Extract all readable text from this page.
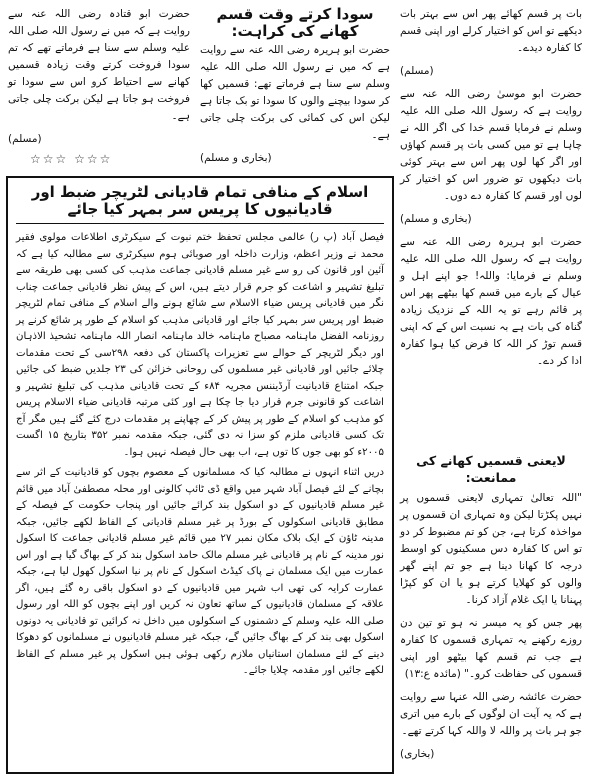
بات پر قسم کھائے پھر اس سے بہتر بات دیکھے تو اس کو اختیار کرلے اور اپنی قسم کا کفارہ دیدے۔

(مسلم)

حضرت ابو موسیٰ رضی اللہ عنہ سے روایت ہے کہ رسول اللہ صلی اللہ علیہ وسلم نے فرمایا قسم خدا کی اگر اللہ نے چاہا ہے تو میں کسی بات پر قسم کھاؤں اور اگر کھا لوں پھر اس سے بہتر کوئی بات دیکھوں تو ضرور اس کو اختیار کر لوں اور قسم کا کفارہ دے دوں۔

(بخاری و مسلم)

حضرت ابو ہریرہ رضی اللہ عنہ سے روایت ہے کہ رسول اللہ صلی اللہ علیہ وسلم نے فرمایا: واللہ! جو اپنے اہل و عیال کے بارے میں قسم کھا بیٹھے پھر اس پر قائم رہے تو یہ اللہ کے نزدیک زیادہ گناہ کی بات ہے بہ نسبت اس کے کہ اپنی قسم توڑ کر اللہ کا فرض کیا ہوا کفارہ ادا کر دے۔

لایعنی قسمیں کھانے کی ممانعت:

"اللہ تعالیٰ تمہاری لایعنی قسموں پر نہیں پکڑتا لیکن وہ تمہاری ان قسموں پر مواخذہ کرتا ہے، جن کو تم مضبوط کر دو تو اس کا کفارہ دس مسکینوں کو اوسط درجہ کا کھانا دینا ہے جو تم اپنے گھر والوں کو کھلایا کرتے ہو یا ان کو کپڑا پہنانا یا ایک غلام آزاد کرنا۔

پھر جس کو یہ میسر نہ ہو تو تین دن روزے رکھنے یہ تمہاری قسموں کا کفارہ ہے جب تم قسم کھا بیٹھو اور اپنی قسموں کی حفاظت کرو۔" (مائدہ ع:۱۳)

حضرت عائشہ رضی اللہ عنہا سے روایت ہے کہ یہ آیت ان لوگوں کے بارے میں اتری جو ہر بات پر واللہ لا واللہ کہا کرتے تھے۔

(بخاری)

سودا کرتے وقت قسم کھانے کی کراہت:

حضرت ابو ہریرہ رضی اللہ عنہ سے روایت ہے کہ میں نے رسول اللہ صلی اللہ علیہ وسلم سے سنا ہے فرماتے تھے: قسمیں کھا کر سودا بیچنے والوں کا سودا تو بک جاتا ہے لیکن اس کی کمائی کی برکت چلی جاتی ہے۔

(بخاری و مسلم)

حضرت ابو قتادہ رضی اللہ عنہ سے روایت ہے کہ میں نے رسول اللہ صلی اللہ علیہ وسلم سے سنا ہے فرماتے تھے کہ تم سودا فروخت کرتے وقت زیادہ قسمیں کھانے سے احتیاط کرو اس سے سودا تو فروخت ہو جاتا ہے لیکن برکت چلی جاتی ہے۔

(مسلم)

☆☆☆ ☆☆☆
اسلام کے منافی تمام قادیانی لٹریچر ضبط اور قادیانیوں کا پریس سر بمہر کیا جائے

فیصل آباد (پ ر) عالمی مجلس تحفظ ختم نبوت کے سیکرٹری اطلاعات مولوی فقیر محمد نے وزیر اعظم، وزارت داخلہ اور صوبائی ہوم سیکرٹری سے مطالبہ کیا ہے کہ آئین اور قانون کی رو سے غیر مسلم قادیانی جماعت مذہب کی کسی بھی طریقہ سے تبلیغ تشہیر و اشاعت کو جرم قرار دیتے ہیں، اس کے پیش نظر قادیانی جماعت چناب نگر میں قادیانی پریس ضیاء الاسلام سے شائع ہونے والے اسلام کے منافی تمام لٹریچر ضبط اور پریس سر بمہر کیا جائے اور قادیانی مذہب کو اسلام کے طور پر شائع کرنے پر روزنامہ الفضل ماہنامہ مصباح ماہنامہ خالد ماہنامہ انصار اللہ ماہنامہ تشحیذ الاذہان اور دیگر لٹریچر کے حوالے سے تعزیرات پاکستان کی دفعہ ۲۹۸سی کے تحت مقدمات چلائے جائیں اور قادیانی غیر مسلموں کی روحانی خزائن کی ۲۳ جلدیں ضبط کی جائیں جبکہ امتناع قادیانیت آرڈیننس مجریہ ۸۴ء کے تحت قادیانی مذہب کی تبلیغ تشہیر و اشاعت کو قانونی جرم قرار دیا جا چکا ہے اور کئی مرتبہ قادیانی ضیاء الاسلام پریس کو مذہب کو اسلام کے طور پر پیش کر کے چھاپنے پر مقدمات درج کئے گئے ہیں مگر آج تک کسی قادیانی ملزم کو سزا نہ دی گئی، جبکہ مقدمہ نمبر ۳۵۲ بتاریخ ۱۵ اگست ۲۰۰۵ء کو بھی جوں کا توں ہے، اب بھی حال فیصلہ نہیں ہوا۔

دریں اثناء انہوں نے مطالبہ کیا کہ مسلمانوں کے معصوم بچوں کو قادیانیت کے اثر سے بچانے کے لئے فیصل آباد شہر میں واقع ڈی ٹائپ کالونی اور محلہ مصطفیٰ آباد میں قائم غیر مسلم قادیانیوں کے دو اسکول بند کرائے جائیں اور پنجاب حکومت کے فیصلہ کے مطابق قادیانی اسکولوں کے بورڈ پر غیر مسلم قادیانی کے الفاظ لکھے جائیں، جبکہ مدینہ ٹاؤن کے ایک بلاک مکان نمبر ۲۷ میں قائم غیر مسلم قادیانی جماعت کا اسکول نور مدینہ کے نام پر قادیانی غیر مسلم مالک حامد اسکول بند کر کے بھاگ گیا ہے اور اس عمارت میں ایک مسلمان نے پاک کیڈٹ اسکول کے نام پر نیا اسکول کھول لیا ہے، جبکہ عمارت کرایہ کی تھی اب شہر میں قادیانیوں کے دو اسکول باقی رہ گئے ہیں، اگر علاقہ کے مسلمان قادیانیوں کے ساتھ تعاون نہ کریں اور اپنے بچوں کو اللہ اور رسول صلی اللہ علیہ وسلم کے دشمنوں کے اسکولوں میں داخل نہ کرائیں تو قادیانی یہ دونوں اسکول بھی بند کر کے بھاگ جائیں گے، جبکہ غیر مسلم قادیانیوں نے مسلمانوں کو دھوکا دینے کے لئے مسلمان استانیاں ملازم رکھی ہوئی ہیں اسکول پر غیر مسلم کے الفاظ لکھے جائیں اور مقدمہ چلایا جائے۔
